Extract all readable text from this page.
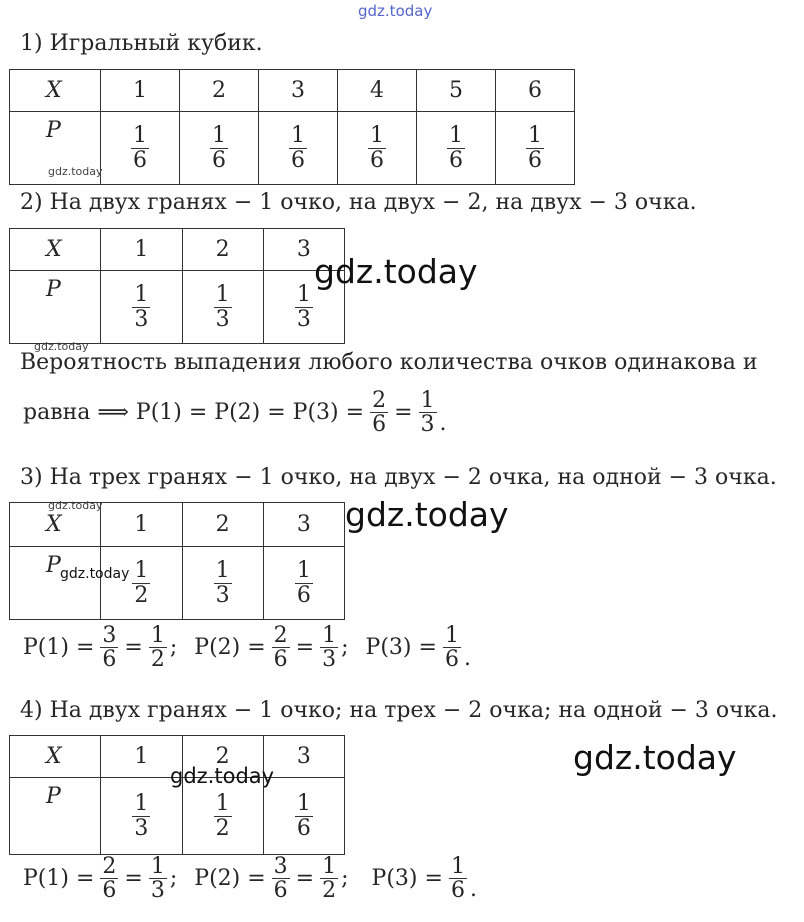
gdz.today
1) Игральный кубик.
X	1	2	3	4	5	6
P	$\frac{1}{6}$	$\frac{1}{6}$	$\frac{1}{6}$	$\frac{1}{6}$	$\frac{1}{6}$	$\frac{1}{6}$
gdz.today
2) На двух гранях − 1 очко, на двух − 2, на двух − 3 очка.
X	1	2	3
P	$\frac{1}{3}$	$\frac{1}{3}$	$\frac{1}{3}$
gdz.today
gdz.today
Вероятность выпадения любого количества очков одинакова и
равна ⟹ $P(1) = P(2) = P(3) = \frac{2}{6} = \frac{1}{3}$ .
3) На трех гранях − 1 очко, на двух − 2 очка, на одной − 3 очка.
X	1	2	3
P	$\frac{1}{2}$	$\frac{1}{3}$	$\frac{1}{6}$
gdz.today
gdz.today
gdz.today
$P(1) = \frac{3}{6} = \frac{1}{2}$ ; $P(2) = \frac{2}{6} = \frac{1}{3}$ ; $P(3) = \frac{1}{6}$ .
4) На двух гранях − 1 очко; на трех − 2 очка; на одной − 3 очка.
X	1	2	3
P	$\frac{1}{3}$	$\frac{1}{2}$	$\frac{1}{6}$
gdz.today	gdz.today
$P(1) = \frac{2}{6} = \frac{1}{3}$ ; $P(2) = \frac{3}{6} = \frac{1}{2}$ ; $P(3) = \frac{1}{6}$ .
